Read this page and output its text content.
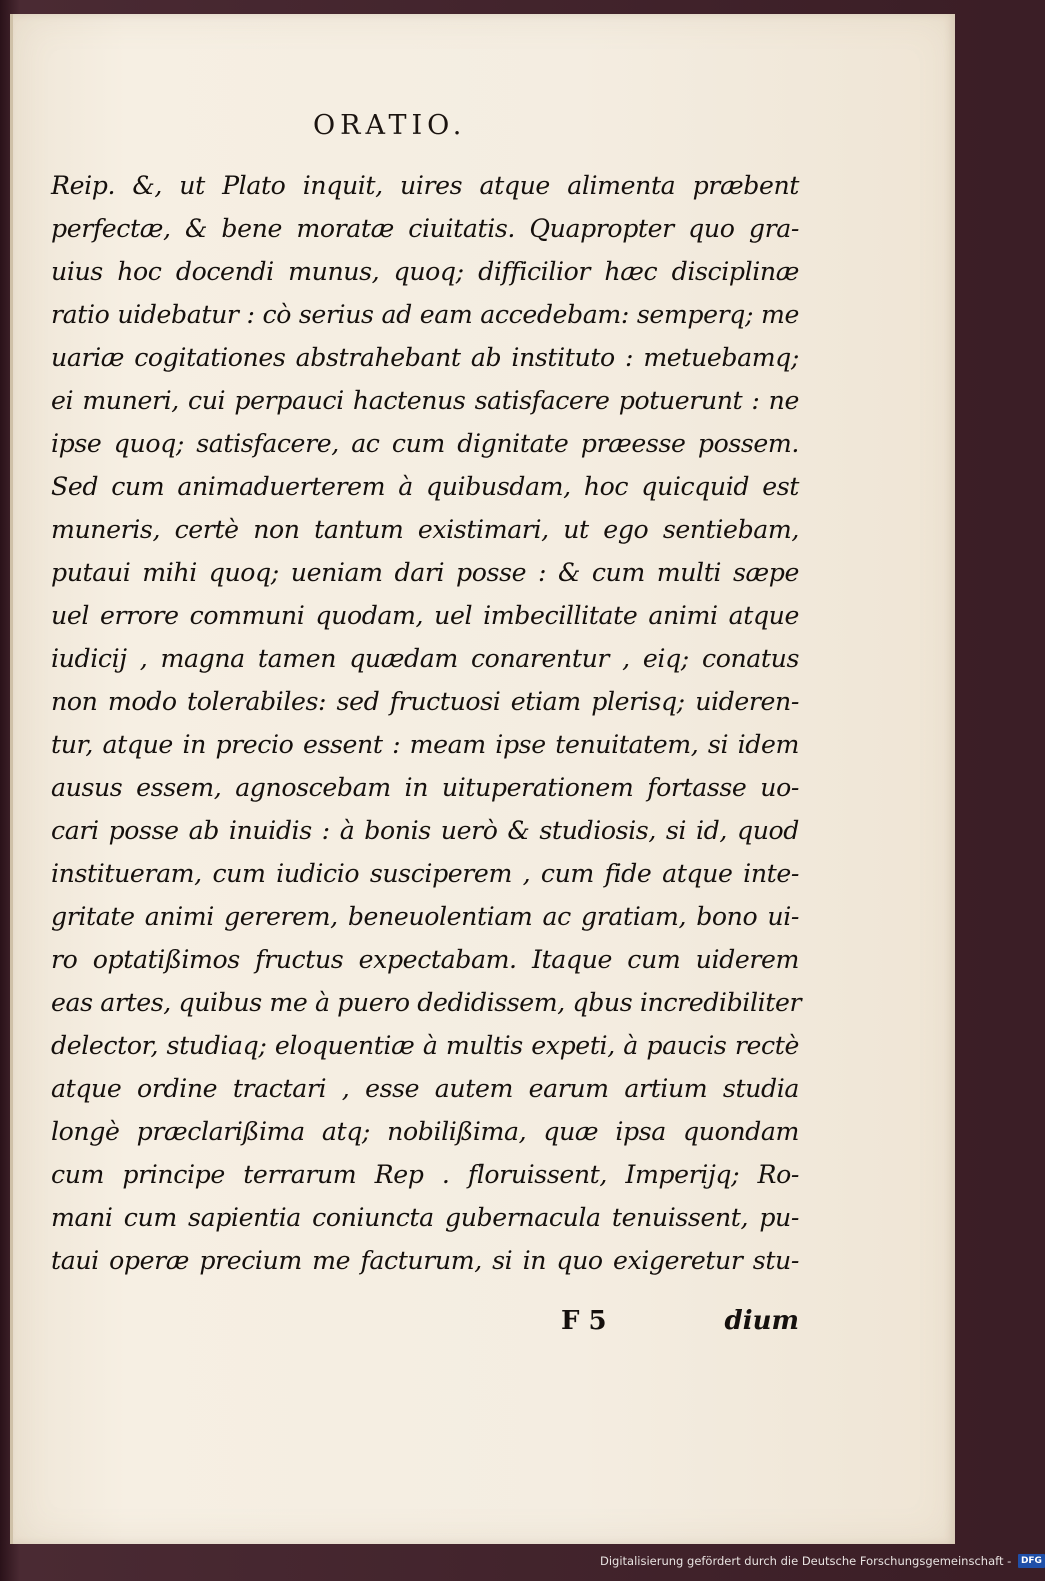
ORATIO.
Reip. &, ut Plato inquit, uires atque alimenta præbent
perfectæ, & bene moratæ ciuitatis. Quapropter quo gra-
uius hoc docendi munus, quoq; difficilior hæc disciplinæ
ratio uidebatur : cò serius ad eam accedebam: semperq; me
uariæ cogitationes abstrahebant ab instituto : metuebamq;
ei muneri, cui perpauci hactenus satisfacere potuerunt : ne
ipse quoq; satisfacere, ac cum dignitate præesse possem.
Sed cum animaduerterem à quibusdam, hoc quicquid est
muneris, certè non tantum existimari, ut ego sentiebam,
putaui mihi quoq; ueniam dari posse : & cum multi sæpe
uel errore communi quodam, uel imbecillitate animi atque
iudicij , magna tamen quædam conarentur , eiq; conatus
non modo tolerabiles: sed fructuosi etiam plerisq; uideren-
tur, atque in precio essent : meam ipse tenuitatem, si idem
ausus essem, agnoscebam in uituperationem fortasse uo-
cari posse ab inuidis : à bonis uerò & studiosis, si id, quod
institueram, cum iudicio susciperem , cum fide atque inte-
gritate animi gererem, beneuolentiam ac gratiam, bono ui-
ro optatißimos fructus expectabam. Itaque cum uiderem
eas artes, quibus me à puero dedidissem, qbus incredibiliter
delector, studiaq; eloquentiæ à multis expeti, à paucis rectè
atque ordine tractari , esse autem earum artium studia
longè præclarißima atq; nobilißima, quæ ipsa quondam
cum principe terrarum Rep . floruissent, Imperijq; Ro-
mani cum sapientia coniuncta gubernacula tenuissent, pu-
taui operæ precium me facturum, si in quo exigeretur stu-
F 5	dium
Digitalisierung gefördert durch die Deutsche Forschungsgemeinschaft - DFG
